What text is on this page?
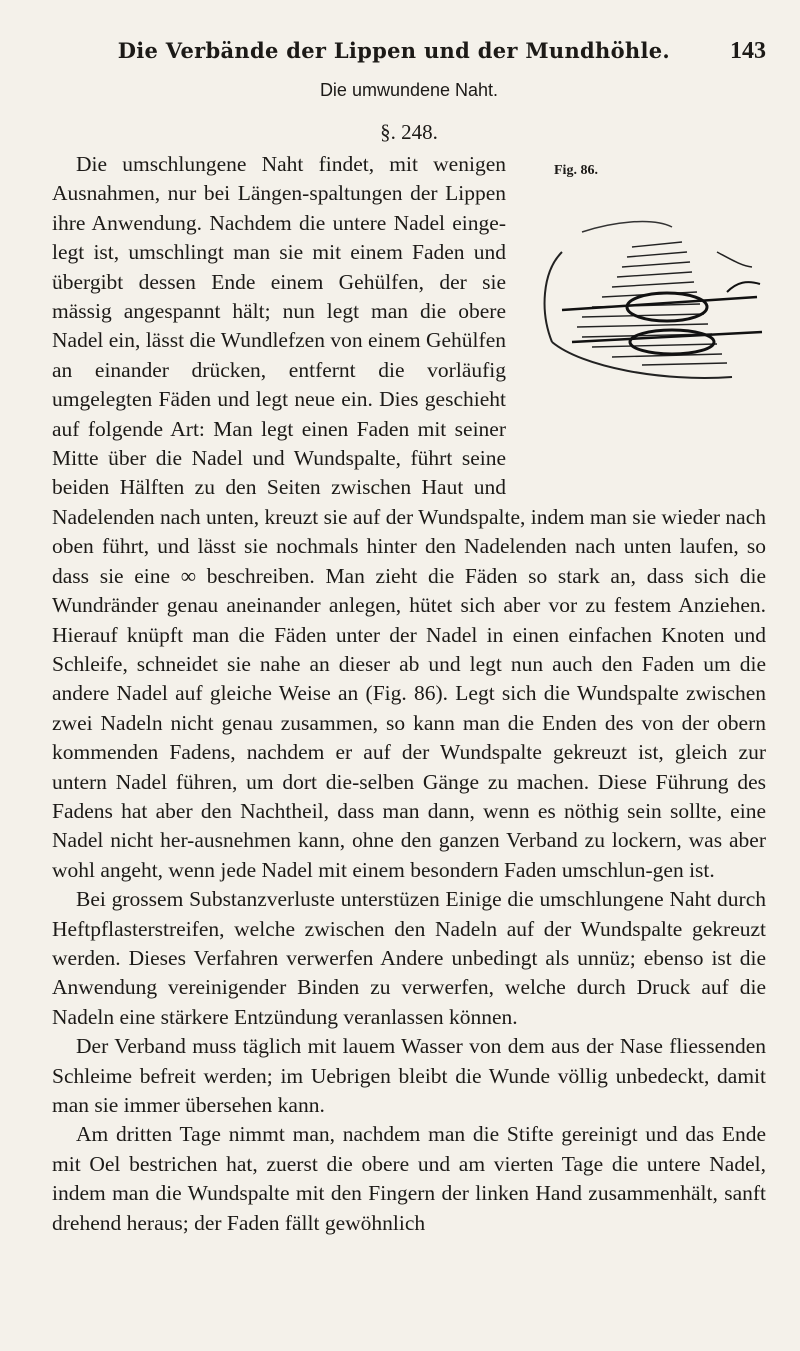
Die Verbände der Lippen und der Mundhöhle.	143
Die umwundene Naht.
§. 248.

Fig. 86.
Die umschlungene Naht findet, mit wenigen Ausnahmen, nur bei Längen-spaltungen der Lippen ihre Anwendung. Nachdem die untere Nadel einge-legt ist, umschlingt man sie mit einem Faden und übergibt dessen Ende einem Gehülfen, der sie mässig angespannt hält; nun legt man die obere Nadel ein, lässt die Wundlefzen von einem Gehülfen an einander drücken, entfernt die vorläufig umgelegten Fäden und legt neue ein. Dies geschieht auf folgende Art: Man legt einen Faden mit seiner Mitte über die Nadel und Wundspalte, führt seine beiden Hälften zu den Seiten zwischen Haut und Nadelenden nach unten, kreuzt sie auf der Wundspalte, indem man sie wieder nach oben führt, und lässt sie nochmals hinter den Nadelenden nach unten laufen, so dass sie eine ∞ beschreiben. Man zieht die Fäden so stark an, dass sich die Wundränder genau aneinander anlegen, hütet sich aber vor zu festem Anziehen. Hierauf knüpft man die Fäden unter der Nadel in einen einfachen Knoten und Schleife, schneidet sie nahe an dieser ab und legt nun auch den Faden um die andere Nadel auf gleiche Weise an (Fig. 86). Legt sich die Wundspalte zwischen zwei Nadeln nicht genau zusammen, so kann man die Enden des von der obern kommenden Fadens, nachdem er auf der Wundspalte gekreuzt ist, gleich zur untern Nadel führen, um dort die-selben Gänge zu machen. Diese Führung des Fadens hat aber den Nachtheil, dass man dann, wenn es nöthig sein sollte, eine Nadel nicht her-ausnehmen kann, ohne den ganzen Verband zu lockern, was aber wohl angeht, wenn jede Nadel mit einem besondern Faden umschlun-gen ist.

Bei grossem Substanzverluste unterstüzen Einige die umschlungene Naht durch Heftpflasterstreifen, welche zwischen den Nadeln auf der Wundspalte gekreuzt werden. Dieses Verfahren verwerfen Andere unbedingt als unnüz; ebenso ist die Anwendung vereinigender Binden zu verwerfen, welche durch Druck auf die Nadeln eine stärkere Entzündung veranlassen können.

Der Verband muss täglich mit lauem Wasser von dem aus der Nase fliessenden Schleime befreit werden; im Uebrigen bleibt die Wunde völlig unbedeckt, damit man sie immer übersehen kann.

Am dritten Tage nimmt man, nachdem man die Stifte gereinigt und das Ende mit Oel bestrichen hat, zuerst die obere und am vierten Tage die untere Nadel, indem man die Wundspalte mit den Fingern der linken Hand zusammenhält, sanft drehend heraus; der Faden fällt gewöhnlich
